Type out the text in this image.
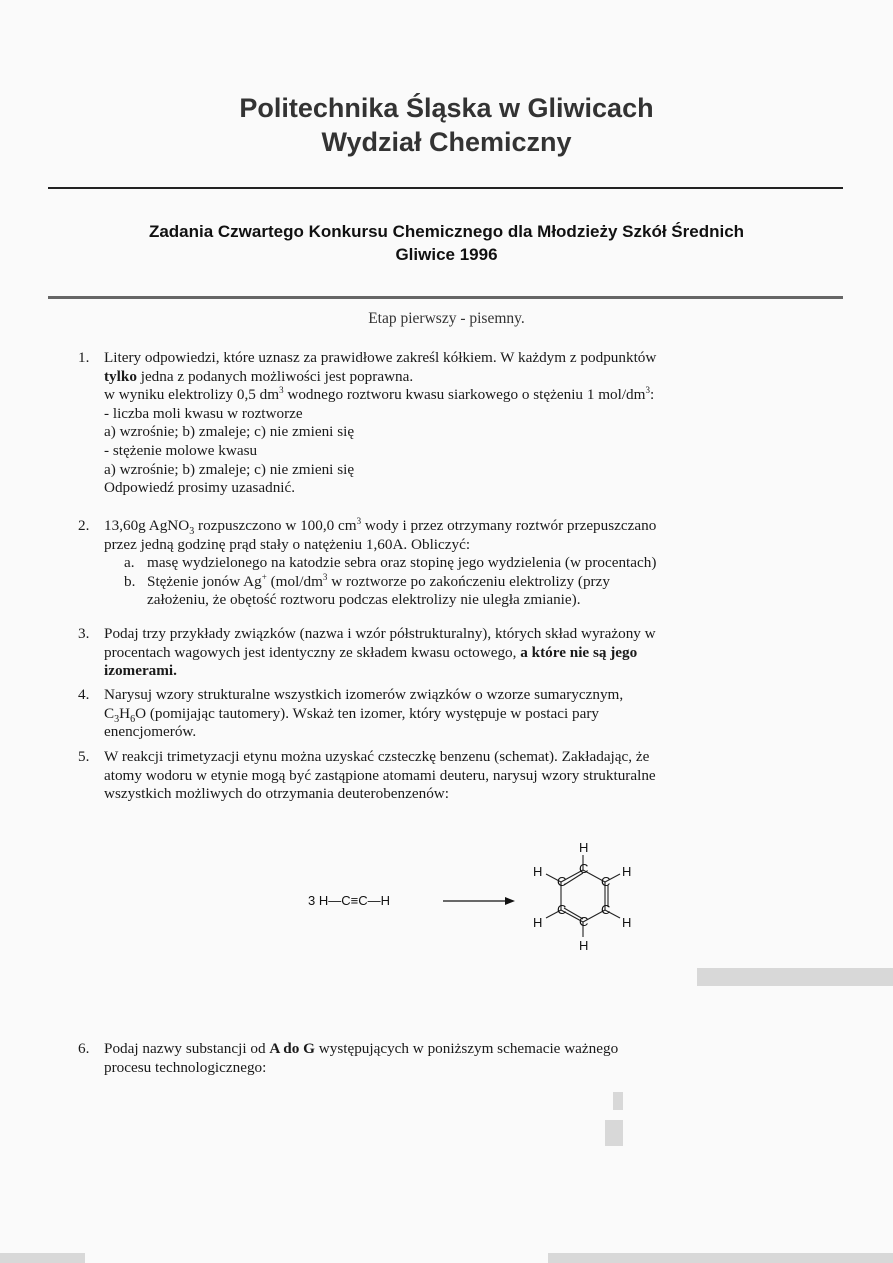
Politechnika Śląska w Gliwicach
Wydział Chemiczny
Zadania Czwartego Konkursu Chemicznego dla Młodzieży Szkół Średnich
Gliwice 1996
Etap pierwszy - pisemny.
1. Litery odpowiedzi, które uznasz za prawidłowe zakreśl kółkiem. W każdym z podpunktów
tylko jedna z podanych możliwości jest poprawna.
w wyniku elektrolizy 0,5 $dm^3$ wodnego roztworu kwasu siarkowego o stężeniu 1 mol/$dm^3$:
- liczba moli kwasu w roztworze
a) wzrośnie; b) zmaleje; c) nie zmieni się
- stężenie molowe kwasu
a) wzrośnie; b) zmaleje; c) nie zmieni się
Odpowiedź prosimy uzasadnić.
2. 13,60g AgNO$_3$ rozpuszczono w 100,0 $cm^3$ wody i przez otrzymany roztwór przepuszczano
przez jedną godzinę prąd stały o natężeniu 1,60A. Obliczyć:
a. masę wydzielonego na katodzie sebra oraz stopinę jego wydzielenia (w procentach)
b. Stężenie jonów Ag+ ($mol/dm^3$ w roztworze po zakończeniu elektrolizy (przy
założeniu, że obętość roztworu podczas elektrolizy nie uległa zmianie).
3. Podaj trzy przykłady związków (nazwa i wzór półstrukturalny), których skład wyrażony w
procentach wagowych jest identyczny ze składem kwasu octowego, a które nie są jego
izomerami.
4. Narysuj wzory strukturalne wszystkich izomerów związków o wzorze sumarycznym,
$C_3H_6O$ (pomijając tautomery). Wskaż ten izomer, który występuje w postaci pary
enencjomerów.
5. W reakcji trimetyzacji etynu można uzyskać czsteczkę benzenu (schemat). Zakładając, że
atomy wodoru w etynie mogą być zastąpione atomami deuteru, narysuj wzory strukturalne
wszystkich możliwych do otrzymania deuterobenzenów:
3 H—C≡C—H
C
C
C
C
C
C
H
H
H
H
H
H
6. Podaj nazwy substancji od A do G występujących w poniższym schemacie ważnego
procesu technologicznego:
